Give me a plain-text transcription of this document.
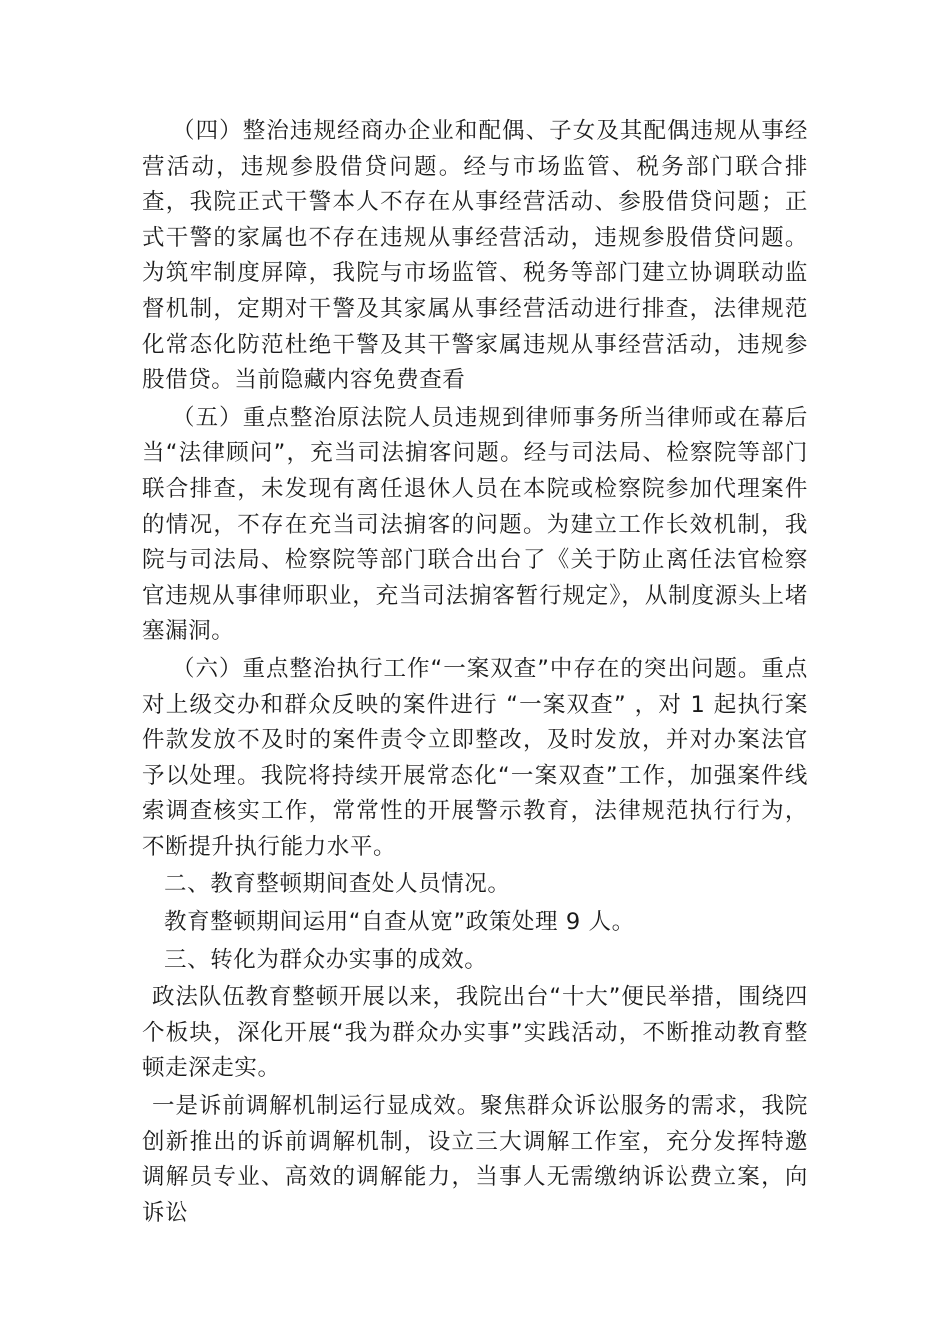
（四）整治违规经商办企业和配偶、子女及其配偶违规从事经营活动，违规参股借贷问题。经与市场监管、税务部门联合排查，我院正式干警本人不存在从事经营活动、参股借贷问题；正式干警的家属也不存在违规从事经营活动，违规参股借贷问题。为筑牢制度屏障，我院与市场监管、税务等部门建立协调联动监督机制，定期对干警及其家属从事经营活动进行排查，法律规范化常态化防范杜绝干警及其干警家属违规从事经营活动，违规参股借贷。当前隐藏内容免费查看

（五）重点整治原法院人员违规到律师事务所当律师或在幕后当“法律顾问”，充当司法掮客问题。经与司法局、检察院等部门联合排查，未发现有离任退休人员在本院或检察院参加代理案件的情况，不存在充当司法掮客的问题。为建立工作长效机制，我院与司法局、检察院等部门联合出台了《关于防止离任法官检察官违规从事律师职业，充当司法掮客暂行规定》，从制度源头上堵塞漏洞。

（六）重点整治执行工作“一案双查”中存在的突出问题。重点对上级交办和群众反映的案件进行 “一案双查” ，对 1 起执行案件款发放不及时的案件责令立即整改，及时发放，并对办案法官予以处理。我院将持续开展常态化“一案双查”工作，加强案件线索调查核实工作，常常性的开展警示教育，法律规范执行行为，不断提升执行能力水平。

二、教育整顿期间查处人员情况。

教育整顿期间运用“自查从宽”政策处理 9 人。

三、转化为群众办实事的成效。

政法队伍教育整顿开展以来，我院出台“十大”便民举措，围绕四个板块，深化开展“我为群众办实事”实践活动，不断推动教育整顿走深走实。

一是诉前调解机制运行显成效。聚焦群众诉讼服务的需求，我院创新推出的诉前调解机制，设立三大调解工作室，充分发挥特邀调解员专业、高效的调解能力，当事人无需缴纳诉讼费立案，向诉讼
